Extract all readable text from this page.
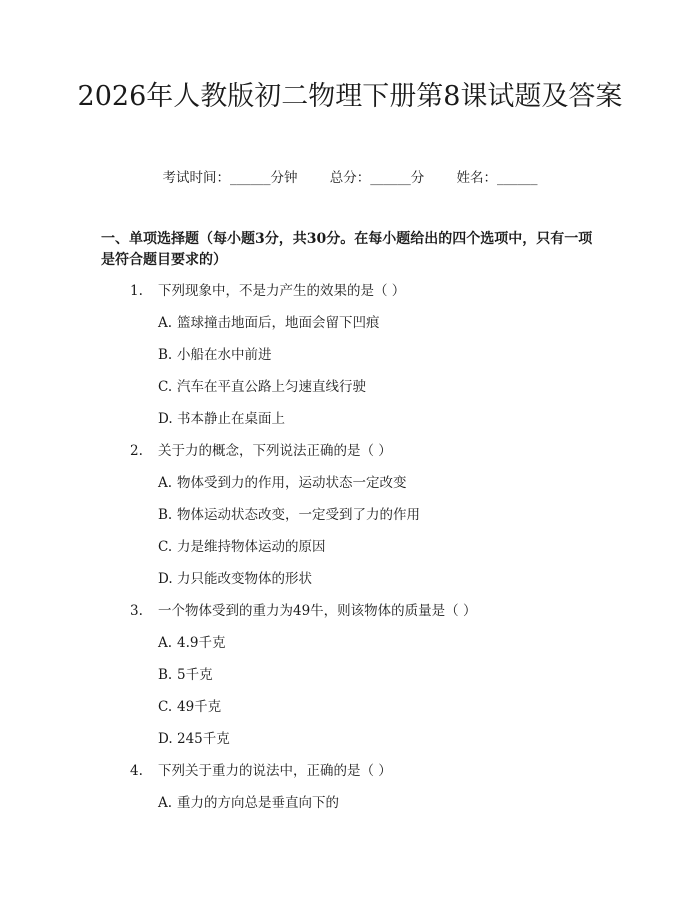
2026年人教版初二物理下册第8课试题及答案
考试时间：______分钟 总分：______分 姓名：______
一、单项选择题（每小题3分，共30分。在每小题给出的四个选项中，只有一项是符合题目要求的）
1. 下列现象中，不是力产生的效果的是（ ）
A. 篮球撞击地面后，地面会留下凹痕
B. 小船在水中前进
C. 汽车在平直公路上匀速直线行驶
D. 书本静止在桌面上
2. 关于力的概念，下列说法正确的是（ ）
A. 物体受到力的作用，运动状态一定改变
B. 物体运动状态改变，一定受到了力的作用
C. 力是维持物体运动的原因
D. 力只能改变物体的形状
3. 一个物体受到的重力为49牛，则该物体的质量是（ ）
A. 4.9千克
B. 5千克
C. 49千克
D. 245千克
4. 下列关于重力的说法中，正确的是（ ）
A. 重力的方向总是垂直向下的
